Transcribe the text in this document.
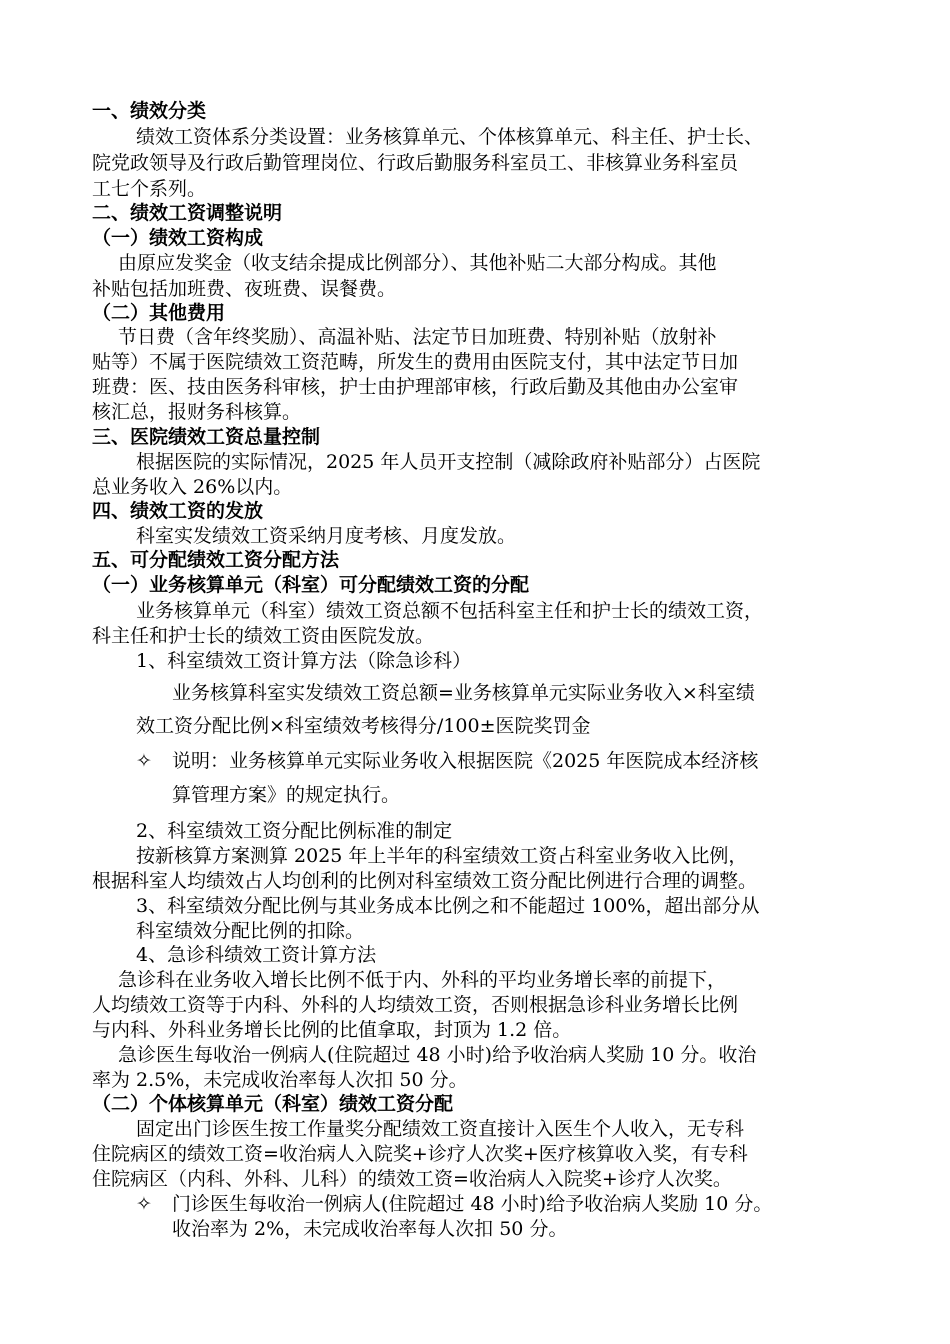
一、绩效分类
绩效工资体系分类设置：业务核算单元、个体核算单元、科主任、护士长、
院党政领导及行政后勤管理岗位、行政后勤服务科室员工、非核算业务科室员
工七个系列。
二、绩效工资调整说明
（一）绩效工资构成
由原应发奖金（收支结余提成比例部分）、其他补贴二大部分构成。其他
补贴包括加班费、夜班费、误餐费。
（二）其他费用
节日费（含年终奖励）、高温补贴、法定节日加班费、特别补贴（放射补
贴等）不属于医院绩效工资范畴，所发生的费用由医院支付，其中法定节日加
班费：医、技由医务科审核，护士由护理部审核，行政后勤及其他由办公室审
核汇总，报财务科核算。
三、医院绩效工资总量控制
根据医院的实际情况，2025 年人员开支控制（减除政府补贴部分）占医院
总业务收入 26%以内。
四、绩效工资的发放
科室实发绩效工资采纳月度考核、月度发放。
五、可分配绩效工资分配方法
（一）业务核算单元（科室）可分配绩效工资的分配
业务核算单元（科室）绩效工资总额不包括科室主任和护士长的绩效工资，
科主任和护士长的绩效工资由医院发放。
1、科室绩效工资计算方法（除急诊科）
业务核算科室实发绩效工资总额=业务核算单元实际业务收入×科室绩
效工资分配比例×科室绩效考核得分/100±医院奖罚金
✧ 说明：业务核算单元实际业务收入根据医院《2025 年医院成本经济核
算管理方案》的规定执行。
2、科室绩效工资分配比例标准的制定
按新核算方案测算 2025 年上半年的科室绩效工资占科室业务收入比例，
根据科室人均绩效占人均创利的比例对科室绩效工资分配比例进行合理的调整。
3、科室绩效分配比例与其业务成本比例之和不能超过 100%，超出部分从
科室绩效分配比例的扣除。
4、急诊科绩效工资计算方法
急诊科在业务收入增长比例不低于内、外科的平均业务增长率的前提下，
人均绩效工资等于内科、外科的人均绩效工资，否则根据急诊科业务增长比例
与内科、外科业务增长比例的比值拿取，封顶为 1.2 倍。
急诊医生每收治一例病人(住院超过 48 小时)给予收治病人奖励 10 分。收治
率为 2.5%，未完成收治率每人次扣 50 分。
（二）个体核算单元（科室）绩效工资分配
固定出门诊医生按工作量奖分配绩效工资直接计入医生个人收入，无专科
住院病区的绩效工资=收治病人入院奖+诊疗人次奖+医疗核算收入奖，有专科
住院病区（内科、外科、儿科）的绩效工资=收治病人入院奖+诊疗人次奖。
✧ 门诊医生每收治一例病人(住院超过 48 小时)给予收治病人奖励 10 分。
收治率为 2%，未完成收治率每人次扣 50 分。
